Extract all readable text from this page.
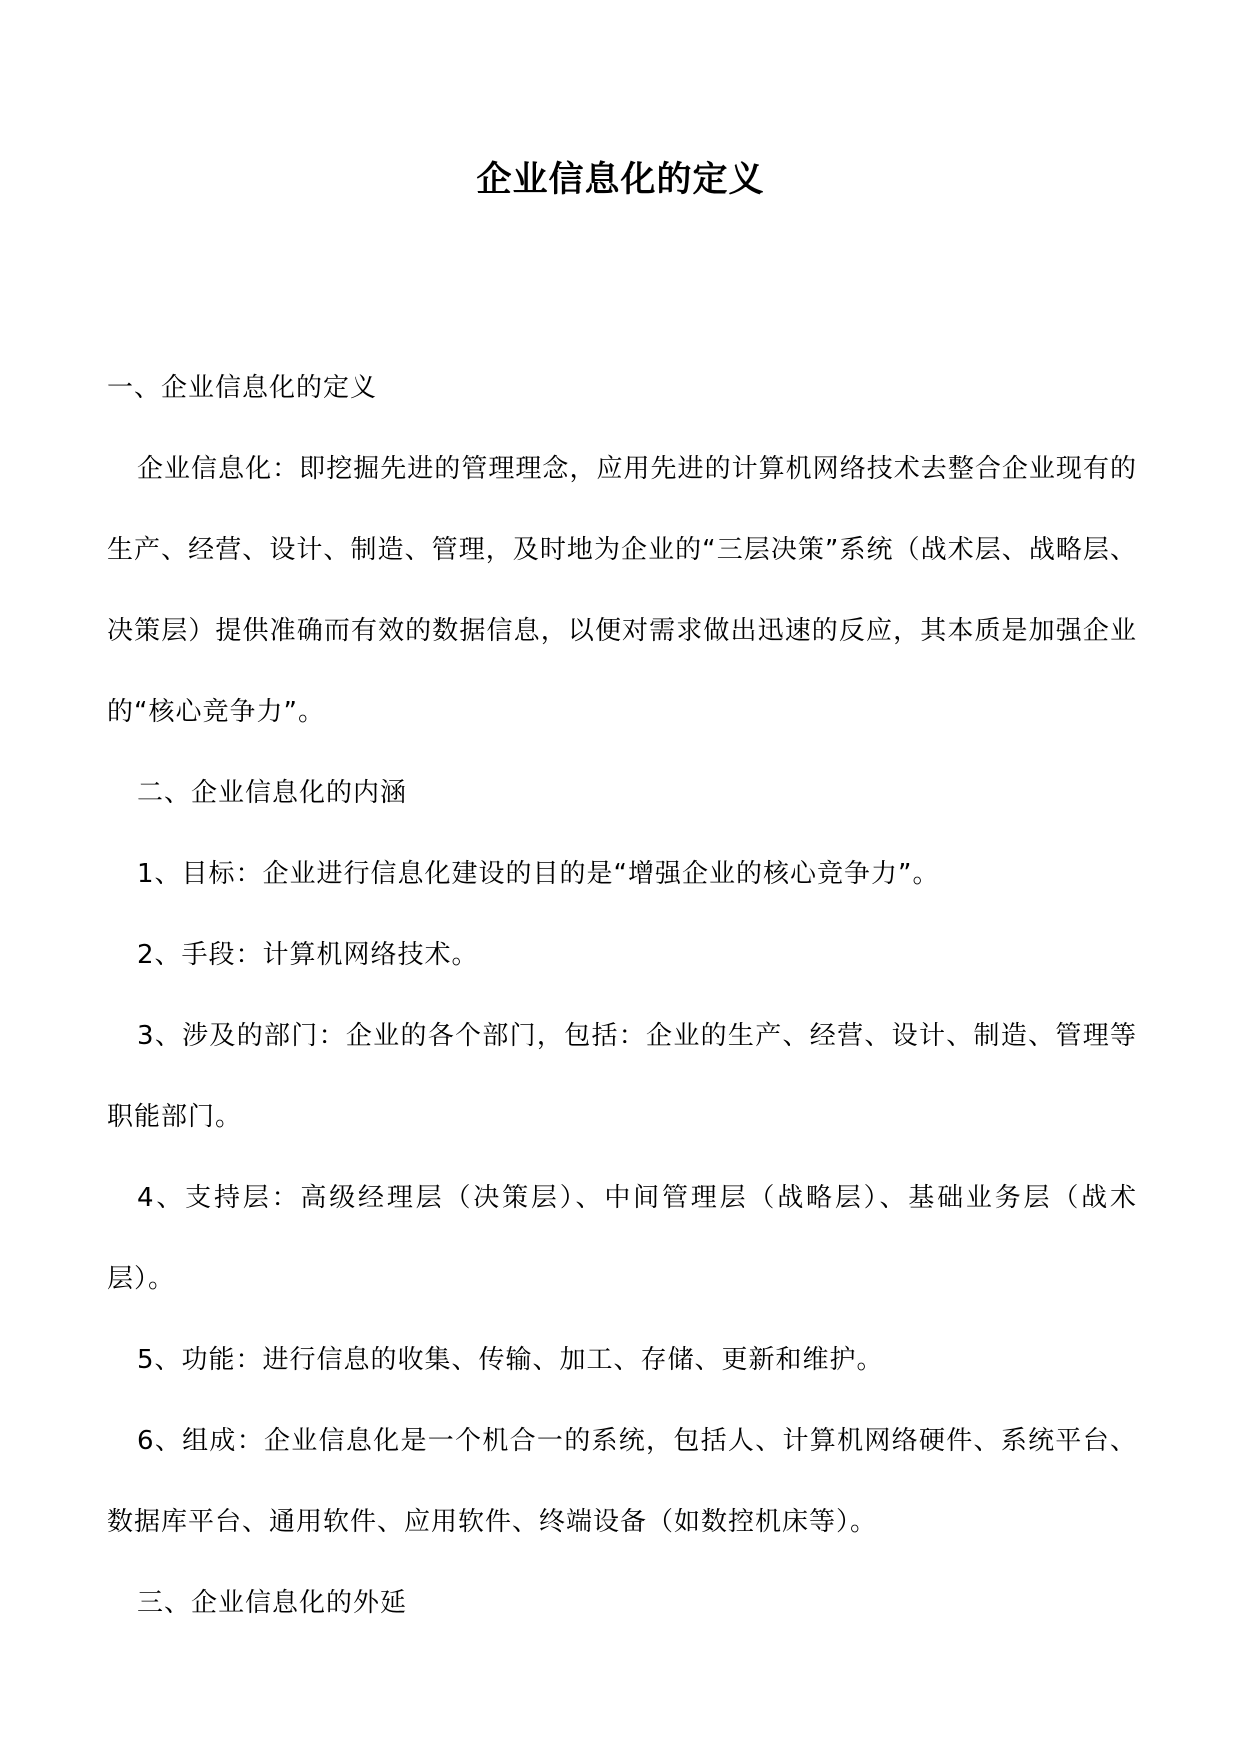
企业信息化的定义

一、企业信息化的定义

企业信息化：即挖掘先进的管理理念，应用先进的计算机网络技术去整合企业现有的生产、经营、设计、制造、管理，及时地为企业的“三层决策”系统（战术层、战略层、决策层）提供准确而有效的数据信息，以便对需求做出迅速的反应，其本质是加强企业的“核心竞争力”。

二、企业信息化的内涵

1、目标：企业进行信息化建设的目的是“增强企业的核心竞争力”。

2、手段：计算机网络技术。

3、涉及的部门：企业的各个部门，包括：企业的生产、经营、设计、制造、管理等职能部门。

4、支持层：高级经理层（决策层）、中间管理层（战略层）、基础业务层（战术层）。

5、功能：进行信息的收集、传输、加工、存储、更新和维护。

6、组成：企业信息化是一个机合一的系统，包括人、计算机网络硬件、系统平台、数据库平台、通用软件、应用软件、终端设备（如数控机床等）。

三、企业信息化的外延
